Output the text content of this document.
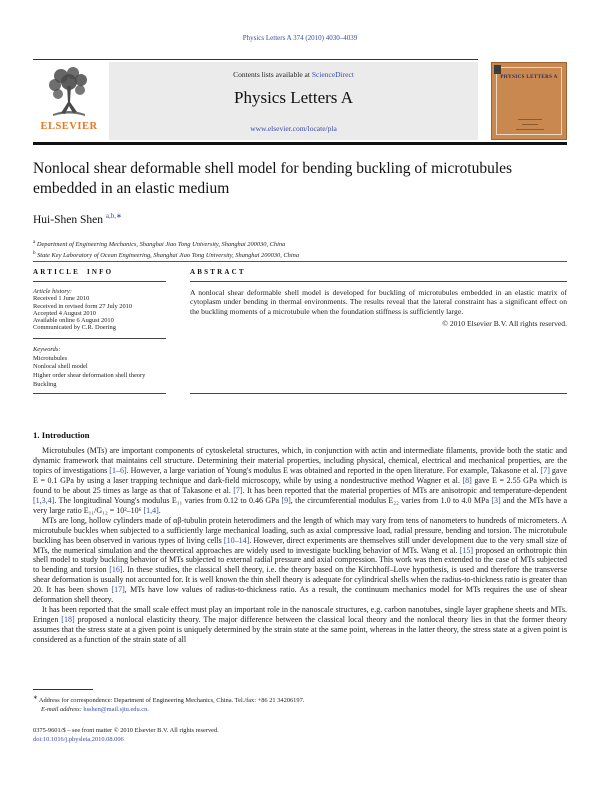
Physics Letters A 374 (2010) 4030–4039
ELSEVIER
Contents lists available at ScienceDirect
Physics Letters A
www.elsevier.com/locate/pla
PHYSICS LETTERS A
Nonlocal shear deformable shell model for bending buckling of microtubules embedded in an elastic medium
Hui-Shen Shen $^{a,b,∗}$
$^a$ Department of Engineering Mechanics, Shanghai Jiao Tong University, Shanghai 200030, China
$^b$ State Key Laboratory of Ocean Engineering, Shanghai Jiao Tong University, Shanghai 200030, China
ARTICLE INFO
Article history:
Received 1 June 2010
Received in revised form 27 July 2010
Accepted 4 August 2010
Available online 6 August 2010
Communicated by C.R. Doering
Keywords:
Microtubules
Nonlocal shell model
Higher order shear deformation shell theory
Buckling
ABSTRACT
A nonlocal shear deformable shell model is developed for buckling of microtubules embedded in an elastic matrix of cytoplasm under bending in thermal environments. The results reveal that the lateral constraint has a significant effect on the buckling moments of a microtubule when the foundation stiffness is sufficiently large.
© 2010 Elsevier B.V. All rights reserved.
1. Introduction

Microtubules (MTs) are important components of cytoskeletal structures, which, in conjunction with actin and intermediate filaments, provide both the static and dynamic framework that maintains cell structure. Determining their material properties, including physical, chemical, electrical and mechanical properties, are the topics of investigations [1–6]. However, a large variation of Young's modulus E was obtained and reported in the open literature. For example, Takasone et al. [7] gave E = 0.1 GPa by using a laser trapping technique and dark-field microscopy, while by using a nondestructive method Wagner et al. [8] gave E = 2.55 GPa which is found to be about 25 times as large as that of Takasone et al. [7]. It has been reported that the material properties of MTs are anisotropic and temperature-dependent [1,3,4]. The longitudinal Young's modulus E₁₁ varies from 0.12 to 0.46 GPa [9], the circumferential modulus E₂₂ varies from 1.0 to 4.0 MPa [3] and the MTs have a very large ratio E₁₁/G₁₂ = 10²–10⁶ [1,4].

MTs are long, hollow cylinders made of αβ-tubulin protein heterodimers and the length of which may vary from tens of nanometers to hundreds of micrometers. A microtubule buckles when subjected to a sufficiently large mechanical loading, such as axial compressive load, radial pressure, bending and torsion. The microtubule buckling has been observed in various types of living cells [10–14]. However, direct experiments are themselves still under development due to the very small size of MTs, the numerical simulation and the theoretical approaches are widely used to investigate buckling behavior of MTs. Wang et al. [15] proposed an orthotropic thin shell model to study buckling behavior of MTs subjected to external radial pressure and axial compression. This work was then extended to the case of MTs subjected to bending and torsion [16]. In these studies, the classical shell theory, i.e. the theory based on the Kirchhoff–Love hypothesis, is used and therefore the transverse shear deformation is usually not accounted for. It is well known the thin shell theory is adequate for cylindrical shells when the radius-to-thickness ratio is greater than 20. It has been shown [17], MTs have low values of radius-to-thickness ratio. As a result, the continuum mechanics model for MTs requires the use of shear deformation shell theory.

It has been reported that the small scale effect must play an important role in the nanoscale structures, e.g. carbon nanotubes, single layer graphene sheets and MTs. Eringen [18] proposed a nonlocal elasticity theory. The major difference between the classical local theory and the nonlocal theory lies in that the former theory assumes that the stress state at a given point is uniquely determined by the strain state at the same point, whereas in the latter theory, the stress state at a given point is considered as a function of the strain state of all

∗ Address for correspondence: Department of Engineering Mechanics, China. Tel./fax: +86 21 34206197.
E-mail address: hsshen@mail.sjtu.edu.cn.
0375-9601/$ – see front matter © 2010 Elsevier B.V. All rights reserved.
doi:10.1016/j.physleta.2010.08.006
